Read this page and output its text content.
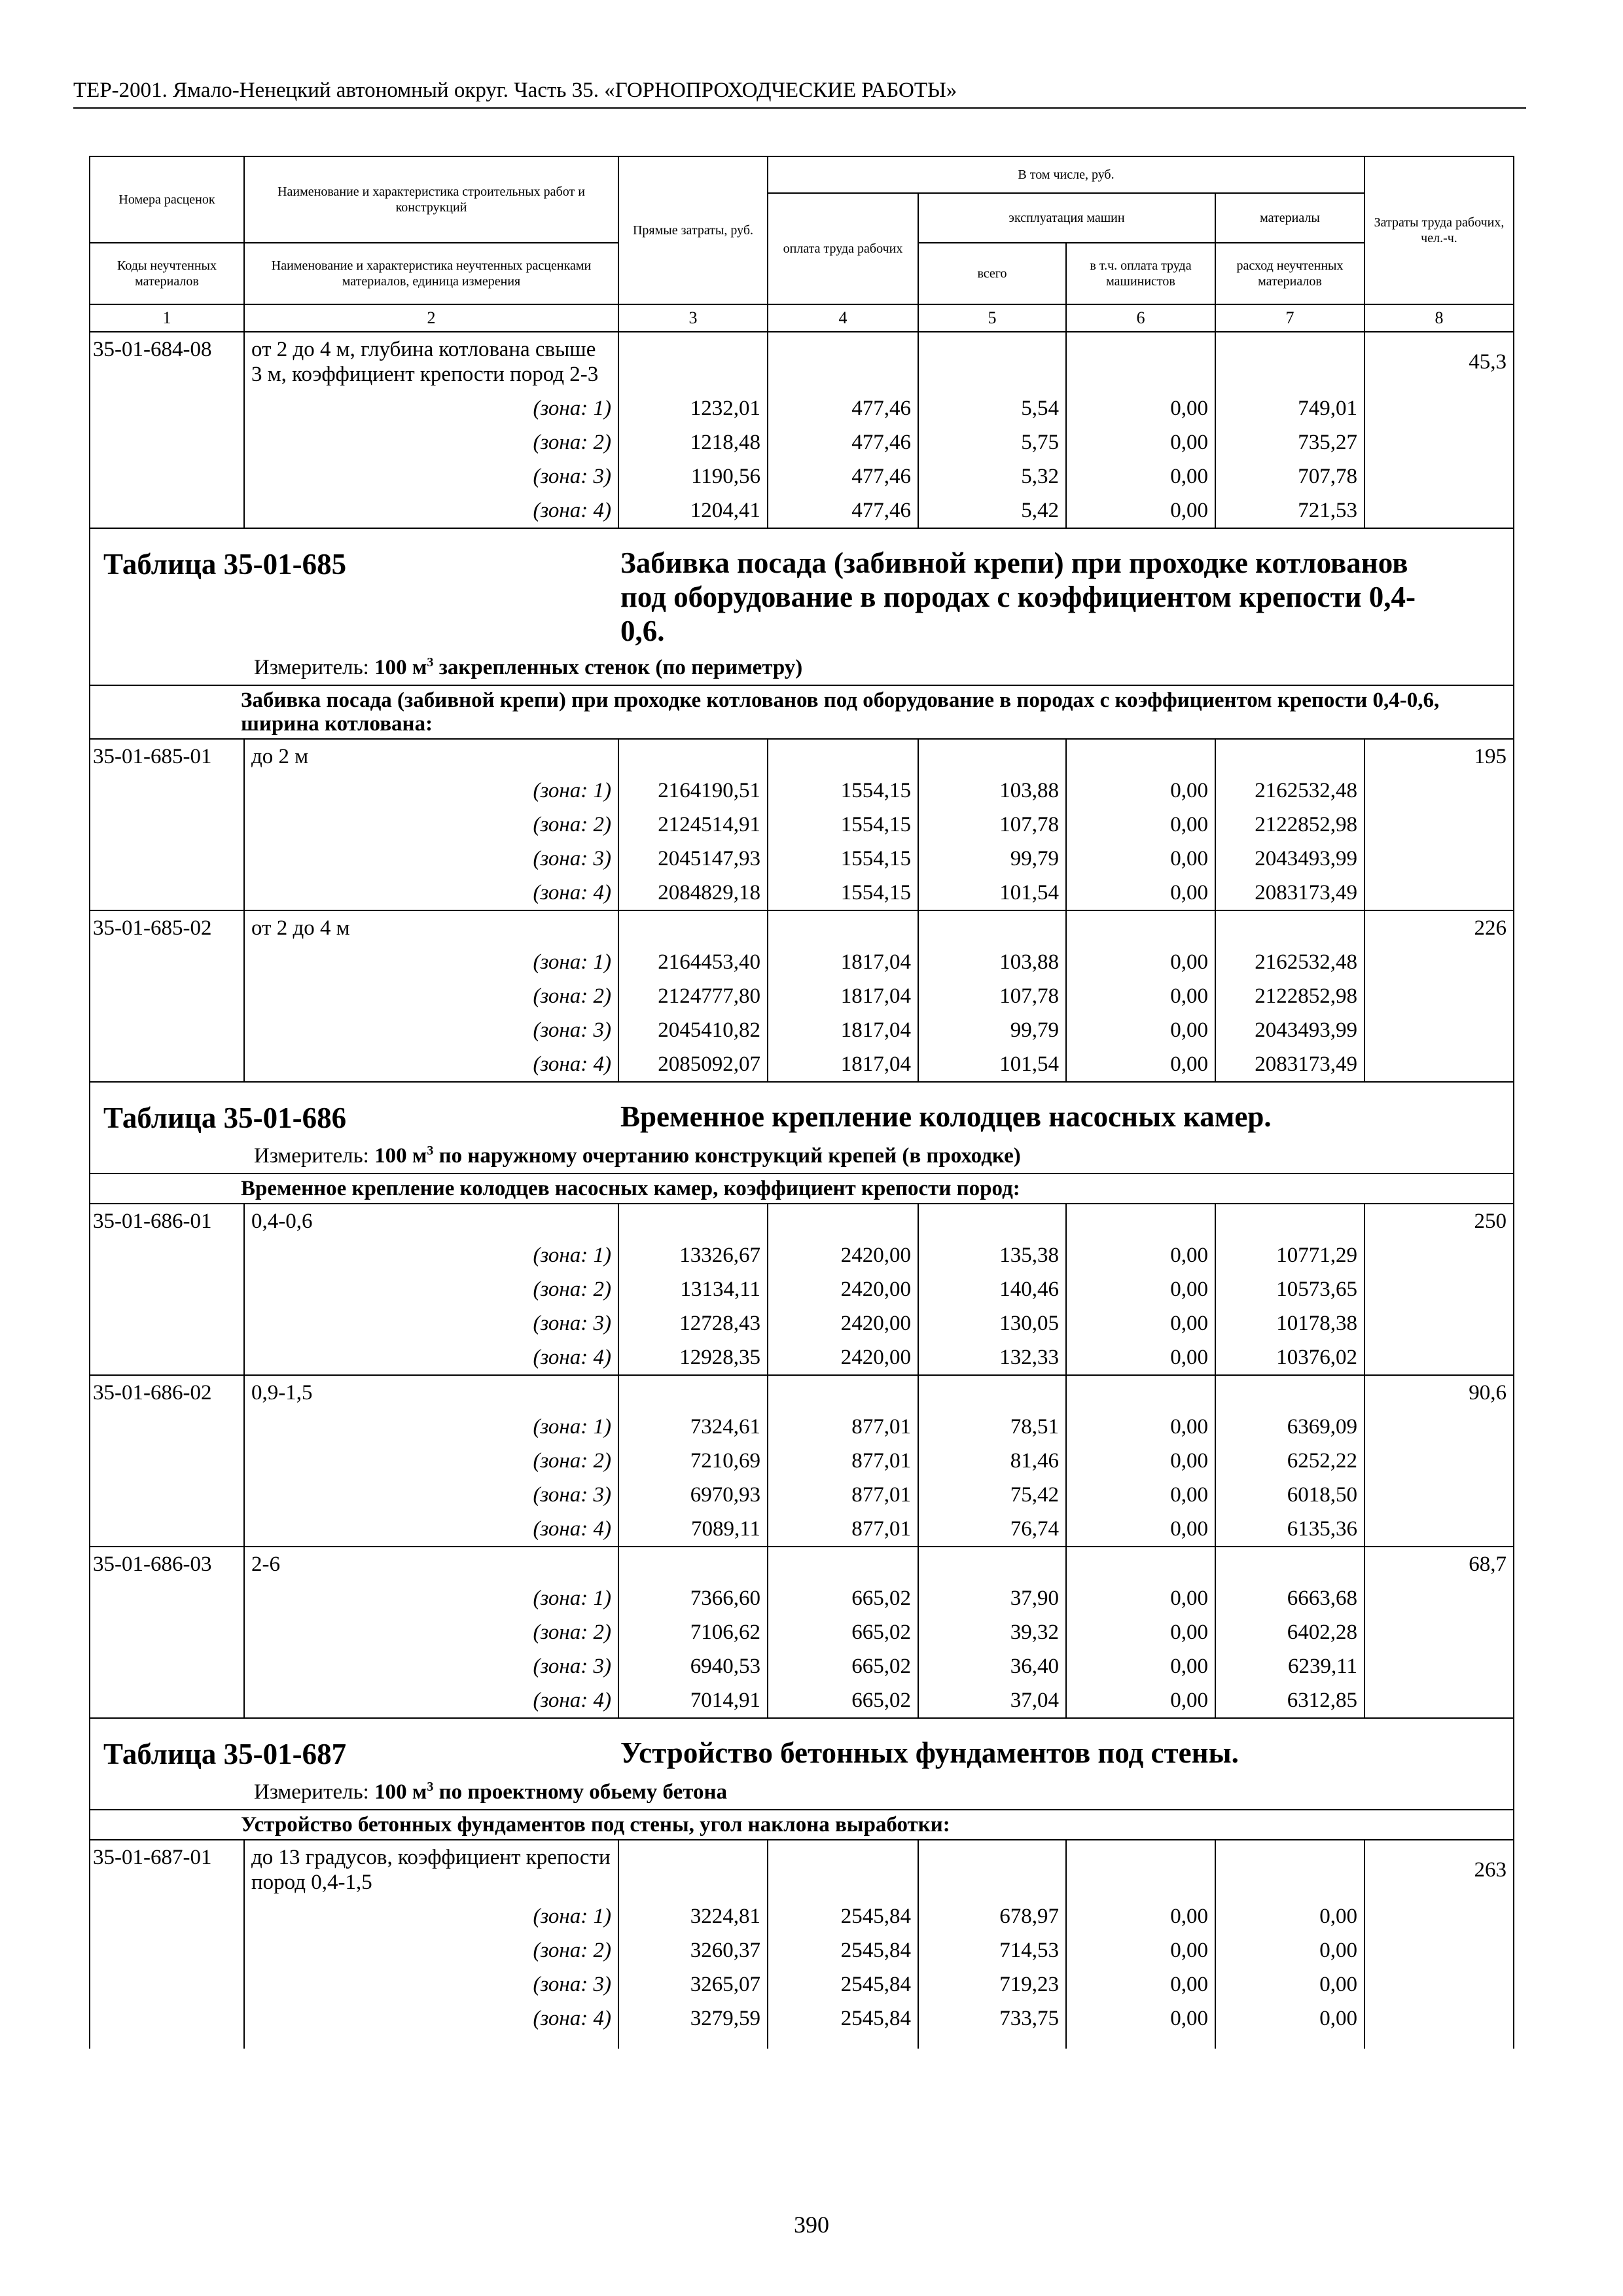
ТЕР-2001. Ямало-Ненецкий автономный округ. Часть 35. «ГОРНОПРОХОДЧЕСКИЕ РАБОТЫ»
Номера расценок	Наименование и характеристика строительных работ и конструкций	Прямые затраты, руб.	В том числе, руб.				Затраты труда рабочих, чел.-ч.
			оплата труда рабочих	эксплуатация машин		материалы	
Коды неучтенных материалов	Наименование и характеристика неучтенных расценками материалов, единица измерения			всего	в т.ч. оплата труда машинистов	расход неучтенных материалов	
1	2	3	4	5	6	7	8
35-01-684-08	от 2 до 4 м, глубина котлована свыше 3 м, коэффициент крепости пород 2-3						45,3
	(зона: 1)	1232,01	477,46	5,54	0,00	749,01	
	(зона: 2)	1218,48	477,46	5,75	0,00	735,27	
	(зона: 3)	1190,56	477,46	5,32	0,00	707,78	
	(зона: 4)	1204,41	477,46	5,42	0,00	721,53	

Таблица 35-01-685 Забивка посада (забивной крепи) при проходке котлованов под оборудование в породах с коэффициентом крепости 0,4-0,6.
Измеритель: 100 $м^3$ закрепленных стенок (по периметру)							

Забивка посада (забивной крепи) при проходке котлованов под оборудование в породах с коэффициентом крепости 0,4-0,6, ширина котлована:							
35-01-685-01	до 2 м						195
	(зона: 1)	2164190,51	1554,15	103,88	0,00	2162532,48	
	(зона: 2)	2124514,91	1554,15	107,78	0,00	2122852,98	
	(зона: 3)	2045147,93	1554,15	99,79	0,00	2043493,99	
	(зона: 4)	2084829,18	1554,15	101,54	0,00	2083173,49	
35-01-685-02	от 2 до 4 м						226
	(зона: 1)	2164453,40	1817,04	103,88	0,00	2162532,48	
	(зона: 2)	2124777,80	1817,04	107,78	0,00	2122852,98	
	(зона: 3)	2045410,82	1817,04	99,79	0,00	2043493,99	
	(зона: 4)	2085092,07	1817,04	101,54	0,00	2083173,49	

Таблица 35-01-686 Временное крепление колодцев насосных камер.
Измеритель: 100 $м^3$ по наружному очертанию конструкций крепей (в проходке)							

Временное крепление колодцев насосных камер, коэффициент крепости пород:							
35-01-686-01	0,4-0,6						250
	(зона: 1)	13326,67	2420,00	135,38	0,00	10771,29	
	(зона: 2)	13134,11	2420,00	140,46	0,00	10573,65	
	(зона: 3)	12728,43	2420,00	130,05	0,00	10178,38	
	(зона: 4)	12928,35	2420,00	132,33	0,00	10376,02	
35-01-686-02	0,9-1,5						90,6
	(зона: 1)	7324,61	877,01	78,51	0,00	6369,09	
	(зона: 2)	7210,69	877,01	81,46	0,00	6252,22	
	(зона: 3)	6970,93	877,01	75,42	0,00	6018,50	
	(зона: 4)	7089,11	877,01	76,74	0,00	6135,36	
35-01-686-03	2-6						68,7
	(зона: 1)	7366,60	665,02	37,90	0,00	6663,68	
	(зона: 2)	7106,62	665,02	39,32	0,00	6402,28	
	(зона: 3)	6940,53	665,02	36,40	0,00	6239,11	
	(зона: 4)	7014,91	665,02	37,04	0,00	6312,85	

Таблица 35-01-687 Устройство бетонных фундаментов под стены.
Измеритель: 100 $м^3$ по проектному обьему бетона							

Устройство бетонных фундаментов под стены, угол наклона выработки:							
35-01-687-01	до 13 градусов, коэффициент крепости пород 0,4-1,5						263
	(зона: 1)	3224,81	2545,84	678,97	0,00	0,00	
	(зона: 2)	3260,37	2545,84	714,53	0,00	0,00	
	(зона: 3)	3265,07	2545,84	719,23	0,00	0,00	
	(зона: 4)	3279,59	2545,84	733,75	0,00	0,00	

390
